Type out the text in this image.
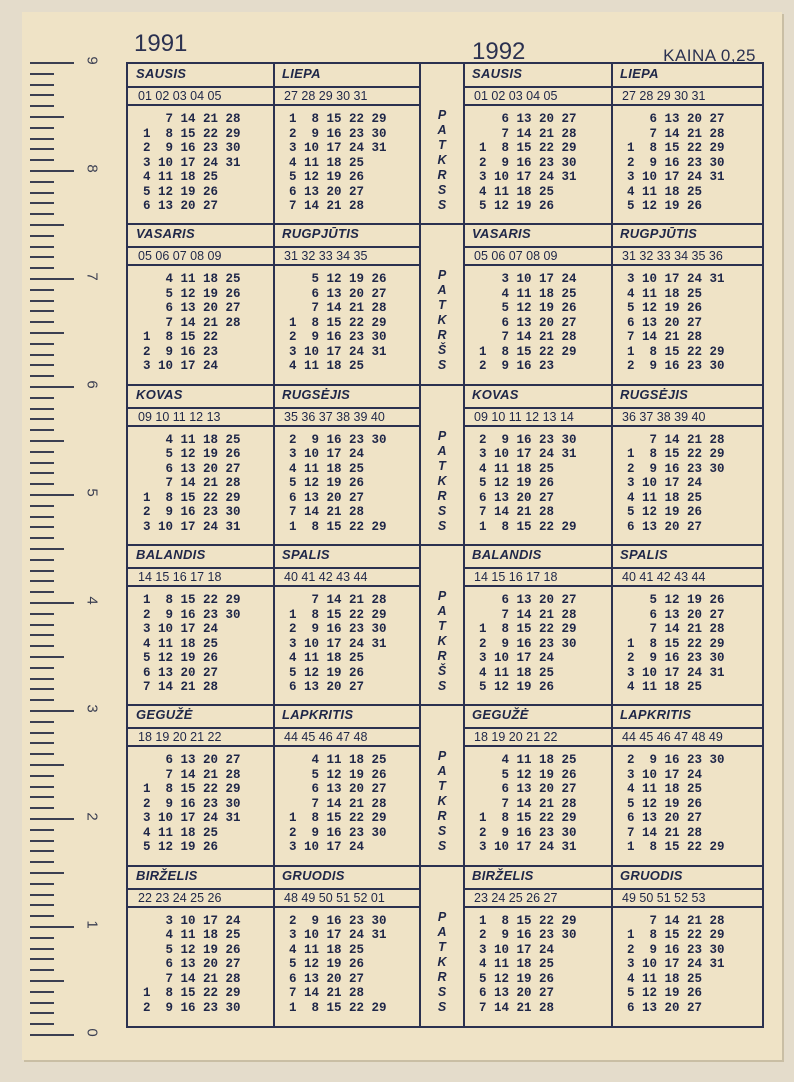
9
8
7
6
5
4
3
2
1
0
1991	1992	KAINA 0,25
SAUSIS
01 02 03 04 05
7 14 21 28
1  8 15 22 29
2  9 16 23 30
3 10 17 24 31
4 11 18 25
5 12 19 26
6 13 20 27
LIEPA
27 28 29 30 31
1  8 15 22 29
2  9 16 23 30
3 10 17 24 31
4 11 18 25
5 12 19 26
6 13 20 27
7 14 21 28
SAUSIS
01 02 03 04 05
6 13 20 27
7 14 21 28
1  8 15 22 29
2  9 16 23 30
3 10 17 24 31
4 11 18 25
5 12 19 26
LIEPA
27 28 29 30 31
6 13 20 27
7 14 21 28
1  8 15 22 29
2  9 16 23 30
3 10 17 24 31
4 11 18 25
5 12 19 26
P
A
T
K
R
S
S
VASARIS
05 06 07 08 09
4 11 18 25
5 12 19 26
6 13 20 27
7 14 21 28
1  8 15 22
2  9 16 23
3 10 17 24
RUGPJŪTIS
31 32 33 34 35
5 12 19 26
6 13 20 27
7 14 21 28
1  8 15 22 29
2  9 16 23 30
3 10 17 24 31
4 11 18 25
VASARIS
05 06 07 08 09
3 10 17 24
4 11 18 25
5 12 19 26
6 13 20 27
7 14 21 28
1  8 15 22 29
2  9 16 23
RUGPJŪTIS
31 32 33 34 35 36
3 10 17 24 31
4 11 18 25
5 12 19 26
6 13 20 27
7 14 21 28
1  8 15 22 29
2  9 16 23 30
P
A
T
K
R
Š
S
KOVAS
09 10 11 12 13
4 11 18 25
5 12 19 26
6 13 20 27
7 14 21 28
1  8 15 22 29
2  9 16 23 30
3 10 17 24 31
RUGSĖJIS
35 36 37 38 39 40
2  9 16 23 30
3 10 17 24
4 11 18 25
5 12 19 26
6 13 20 27
7 14 21 28
1  8 15 22 29
KOVAS
09 10 11 12 13 14
2  9 16 23 30
3 10 17 24 31
4 11 18 25
5 12 19 26
6 13 20 27
7 14 21 28
1  8 15 22 29
RUGSĖJIS
36 37 38 39 40
7 14 21 28
1  8 15 22 29
2  9 16 23 30
3 10 17 24
4 11 18 25
5 12 19 26
6 13 20 27
P
A
T
K
R
S
S
BALANDIS
14 15 16 17 18
1  8 15 22 29
2  9 16 23 30
3 10 17 24
4 11 18 25
5 12 19 26
6 13 20 27
7 14 21 28
SPALIS
40 41 42 43 44
7 14 21 28
1  8 15 22 29
2  9 16 23 30
3 10 17 24 31
4 11 18 25
5 12 19 26
6 13 20 27
BALANDIS
14 15 16 17 18
6 13 20 27
7 14 21 28
1  8 15 22 29
2  9 16 23 30
3 10 17 24
4 11 18 25
5 12 19 26
SPALIS
40 41 42 43 44
5 12 19 26
6 13 20 27
7 14 21 28
1  8 15 22 29
2  9 16 23 30
3 10 17 24 31
4 11 18 25
P
A
T
K
R
Š
S
GEGUŽĖ
18 19 20 21 22
6 13 20 27
7 14 21 28
1  8 15 22 29
2  9 16 23 30
3 10 17 24 31
4 11 18 25
5 12 19 26
LAPKRITIS
44 45 46 47 48
4 11 18 25
5 12 19 26
6 13 20 27
7 14 21 28
1  8 15 22 29
2  9 16 23 30
3 10 17 24
GEGUŽĖ
18 19 20 21 22
4 11 18 25
5 12 19 26
6 13 20 27
7 14 21 28
1  8 15 22 29
2  9 16 23 30
3 10 17 24 31
LAPKRITIS
44 45 46 47 48 49
2  9 16 23 30
3 10 17 24
4 11 18 25
5 12 19 26
6 13 20 27
7 14 21 28
1  8 15 22 29
P
A
T
K
R
S
S
BIRŽELIS
22 23 24 25 26
3 10 17 24
4 11 18 25
5 12 19 26
6 13 20 27
7 14 21 28
1  8 15 22 29
2  9 16 23 30
GRUODIS
48 49 50 51 52 01
2  9 16 23 30
3 10 17 24 31
4 11 18 25
5 12 19 26
6 13 20 27
7 14 21 28
1  8 15 22 29
BIRŽELIS
23 24 25 26 27
1  8 15 22 29
2  9 16 23 30
3 10 17 24
4 11 18 25
5 12 19 26
6 13 20 27
7 14 21 28
GRUODIS
49 50 51 52 53
7 14 21 28
1  8 15 22 29
2  9 16 23 30
3 10 17 24 31
4 11 18 25
5 12 19 26
6 13 20 27
P
A
T
K
R
S
S
